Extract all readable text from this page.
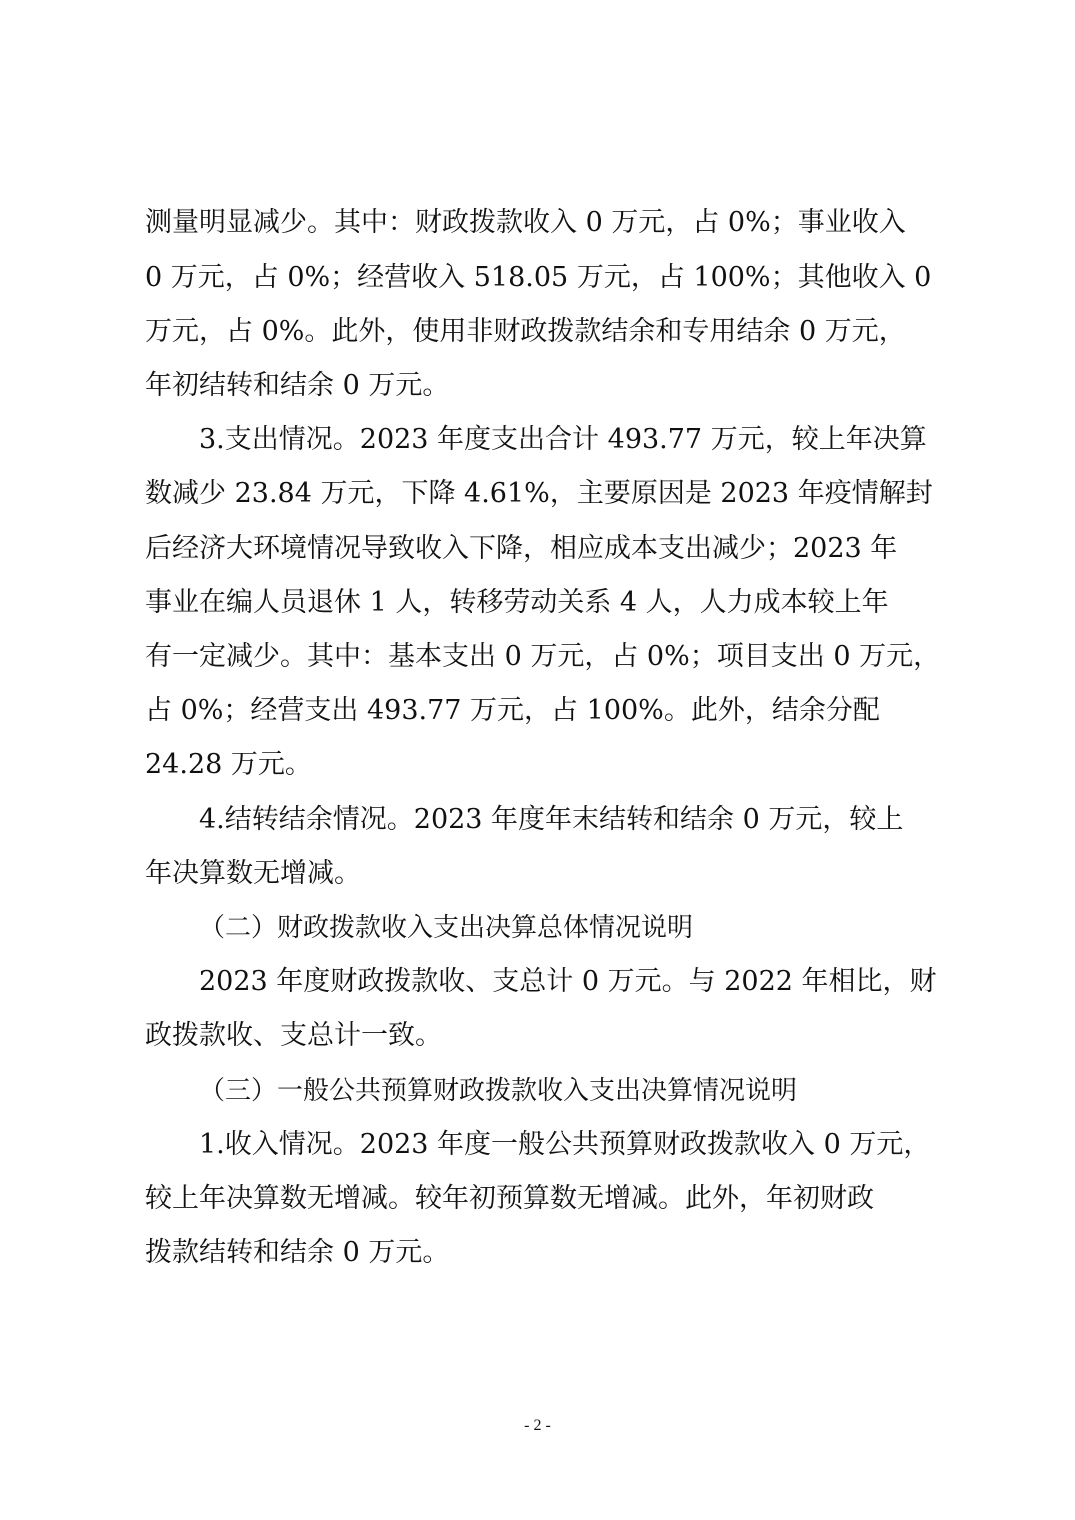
测量明显减少。其中：财政拨款收入 0 万元，占 0%；事业收入
0 万元，占 0%；经营收入 518.05 万元，占 100%；其他收入 0
万元，占 0%。此外，使用非财政拨款结余和专用结余 0 万元，
年初结转和结余 0 万元。
3.支出情况。2023 年度支出合计 493.77 万元，较上年决算
数减少 23.84 万元，下降 4.61%，主要原因是 2023 年疫情解封
后经济大环境情况导致收入下降，相应成本支出减少；2023 年
事业在编人员退休 1 人，转移劳动关系 4 人，人力成本较上年
有一定减少。其中：基本支出 0 万元，占 0%；项目支出 0 万元，
占 0%；经营支出 493.77 万元，占 100%。此外，结余分配
24.28 万元。
4.结转结余情况。2023 年度年末结转和结余 0 万元，较上
年决算数无增减。
（二）财政拨款收入支出决算总体情况说明
2023 年度财政拨款收、支总计 0 万元。与 2022 年相比，财
政拨款收、支总计一致。
（三）一般公共预算财政拨款收入支出决算情况说明
1.收入情况。2023 年度一般公共预算财政拨款收入 0 万元，
较上年决算数无增减。较年初预算数无增减。此外，年初财政
拨款结转和结余 0 万元。
- 2 -
